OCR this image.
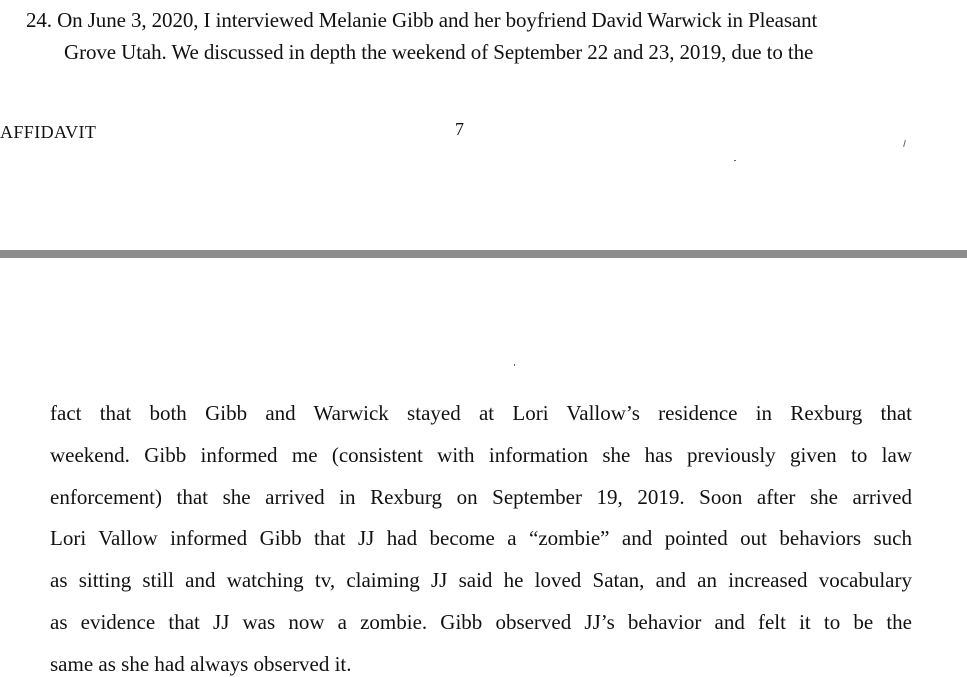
24. On June 3, 2020, I interviewed Melanie Gibb and her boyfriend David Warwick in Pleasant
Grove Utah. We discussed in depth the weekend of September 22 and 23, 2019, due to the
AFFIDAVIT	7
fact that both Gibb and Warwick stayed at Lori Vallow’s residence in Rexburg that
weekend. Gibb informed me (consistent with information she has previously given to law
enforcement) that she arrived in Rexburg on September 19, 2019. Soon after she arrived
Lori Vallow informed Gibb that JJ had become a “zombie” and pointed out behaviors such
as sitting still and watching tv, claiming JJ said he loved Satan, and an increased vocabulary
as evidence that JJ was now a zombie. Gibb observed JJ’s behavior and felt it to be the
same as she had always observed it.
